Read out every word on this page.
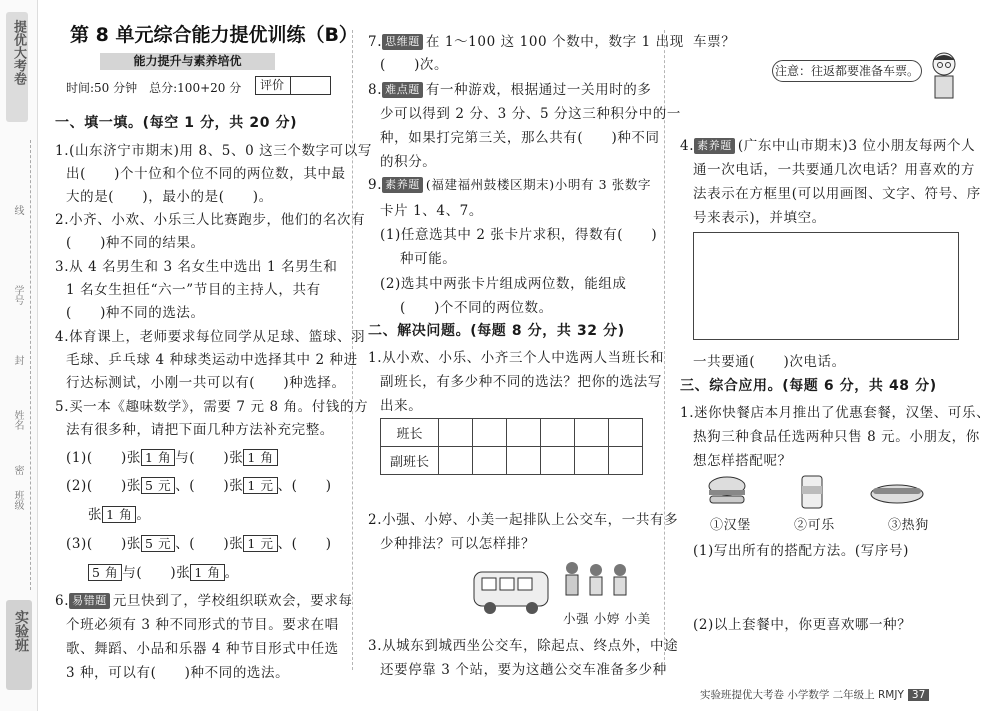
提优大考卷
线
学号
封
姓名
密
班级
实验班
第 8 单元综合能力提优训练（B）
能力提升与素养培优
时间:50 分钟　总分:100+20 分	评价
一、填一填。(每空 1 分，共 20 分)
1.(山东济宁市期末)用 8、5、0 这三个数字可以写
出(　　)个十位和个位不同的两位数，其中最
大的是(　　)，最小的是(　　)。
2.小齐、小欢、小乐三人比赛跑步，他们的名次有
(　　)种不同的结果。
3.从 4 名男生和 3 名女生中选出 1 名男生和
1 名女生担任“六一”节目的主持人，共有
(　　)种不同的选法。
4.体育课上，老师要求每位同学从足球、篮球、羽
毛球、乒乓球 4 种球类运动中选择其中 2 种进
行达标测试，小刚一共可以有(　　)种选择。
5.买一本《趣味数学》，需要 7 元 8 角。付钱的方
法有很多种，请把下面几种方法补充完整。
(1)(　　)张 1 角 与(　　)张 1 角
(2)(　　)张 5 元 、(　　)张 1 元 、(　　)
张 1 角 。
(3)(　　)张 5 元 、(　　)张 1 元 、(　　)
5 角 与(　　)张 1 角 。
6. 易错题 元旦快到了，学校组织联欢会，要求每
个班必须有 3 种不同形式的节目。要求在唱
歌、舞蹈、小品和乐器 4 种节目形式中任选
3 种，可以有(　　)种不同的选法。
7. 思维题 在 1～100 这 100 个数中，数字 1 出现
(　　)次。
8. 难点题 有一种游戏，根据通过一关用时的多
少可以得到 2 分、3 分、5 分这三种积分中的一
种，如果打完第三关，那么共有(　　)种不同
的积分。
9. 素养题 (福建福州鼓楼区期末)小明有 3 张数字
卡片 1、4、7。
(1)任意选其中 2 张卡片求积，得数有(　　)
种可能。
(2)选其中两张卡片组成两位数，能组成
(　　)个不同的两位数。
二、解决问题。(每题 8 分，共 32 分)
1.从小欢、小乐、小齐三个人中选两人当班长和
副班长，有多少种不同的选法？把你的选法写
出来。
班长						
副班长						
2.小强、小婷、小美一起排队上公交车，一共有多
少种排法？可以怎样排？
小强 小婷 小美
3.从城东到城西坐公交车，除起点、终点外，中途
还要停靠 3 个站，要为这趟公交车准备多少种
车票？
注意：往返都要准备车票。
4. 素养题 (广东中山市期末)3 位小朋友每两个人
通一次电话，一共要通几次电话？用喜欢的方
法表示在方框里(可以用画图、文字、符号、序
号来表示)，并填空。
一共要通(　　)次电话。
三、综合应用。(每题 6 分，共 48 分)
1.迷你快餐店本月推出了优惠套餐，汉堡、可乐、
热狗三种食品任选两种只售 8 元。小朋友，你
想怎样搭配呢？
①汉堡	②可乐	③热狗
(1)写出所有的搭配方法。(写序号)
(2)以上套餐中，你更喜欢哪一种？
实验班提优大考卷 小学数学 二年级上 RMJY 37
